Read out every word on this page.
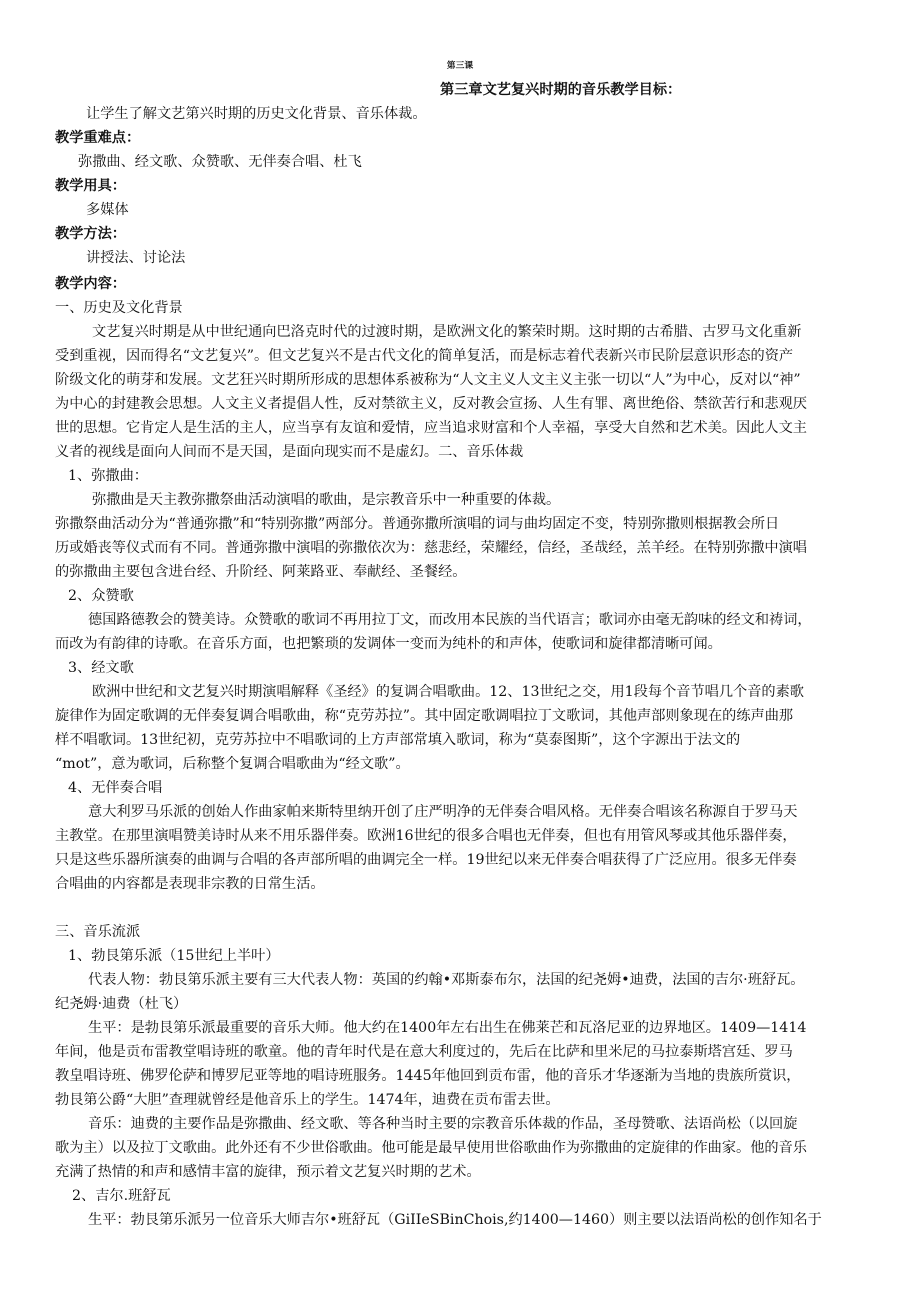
第三课
第三章文艺复兴时期的音乐教学目标：
让学生了解文艺第兴时期的历史文化背景、音乐体裁。
教学重难点：
弥撒曲、经文歌、众赞歌、无伴奏合唱、杜飞
教学用具：
多媒体
教学方法：
讲授法、讨论法
教学内容：
一、历史及文化背景
文艺复兴时期是从中世纪通向巴洛克时代的过渡时期，是欧洲文化的繁荣时期。这时期的古希腊、古罗马文化重新
受到重视，因而得名“文艺复兴”。但文艺复兴不是古代文化的简单复活，而是标志着代表新兴市民阶层意识形态的资产
阶级文化的萌芽和发展。文艺狂兴时期所形成的思想体系被称为“人文主义人文主义主张一切以“人”为中心，反对以“神”
为中心的封建教会思想。人文主义者提倡人性，反对禁欲主义，反对教会宣扬、人生有罪、离世绝俗、禁欲苦行和悲观厌
世的思想。它肯定人是生活的主人，应当享有友谊和爱情，应当追求财富和个人幸福，享受大自然和艺术美。因此人文主
义者的视线是面向人间而不是天国，是面向现实而不是虚幻。二、音乐体裁
1、弥撒曲：
弥撒曲是天主教弥撒祭曲活动演唱的歌曲，是宗教音乐中一种重要的体裁。
弥撒祭曲活动分为“普通弥撒”和“特别弥撒”两部分。普通弥撒所演唱的词与曲均固定不变，特别弥撒则根据教会所日
历或婚丧等仪式而有不同。普通弥撒中演唱的弥撒依次为：慈悲经，荣耀经，信经，圣哉经，羔羊经。在特别弥撒中演唱
的弥撒曲主要包含进台经、升阶经、阿莱路亚、奉献经、圣餐经。
2、众赞歌
德国路德教会的赞美诗。众赞歌的歌词不再用拉丁文，而改用本民族的当代语言；歌词亦由毫无韵味的经文和祷词，
而改为有韵律的诗歌。在音乐方面，也把繁琐的发调体一变而为纯朴的和声体，使歌词和旋律都清晰可闻。
3、经文歌
欧洲中世纪和文艺复兴时期演唱解释《圣经》的复调合唱歌曲。12、13世纪之交，用1段每个音节唱几个音的素歌
旋律作为固定歌调的无伴奏复调合唱歌曲，称“克劳苏拉”。其中固定歌调唱拉丁文歌词，其他声部则象现在的练声曲那
样不唱歌词。13世纪初，克劳苏拉中不唱歌词的上方声部常填入歌词，称为“莫泰图斯”，这个字源出于法文的
“mot”，意为歌词，后称整个复调合唱歌曲为“经文歌”。
4、无伴奏合唱
意大利罗马乐派的创始人作曲家帕来斯特里纳开创了庄严明净的无伴奏合唱风格。无伴奏合唱该名称源自于罗马天
主教堂。在那里演唱赞美诗时从来不用乐器伴奏。欧洲16世纪的很多合唱也无伴奏，但也有用管风琴或其他乐器伴奏，
只是这些乐器所演奏的曲调与合唱的各声部所唱的曲调完全一样。19世纪以来无伴奏合唱获得了广泛应用。很多无伴奏
合唱曲的内容都是表现非宗教的日常生活。
三、音乐流派
1、勃艮第乐派（15世纪上半叶）
代表人物：勃艮第乐派主要有三大代表人物：英国的约翰•邓斯泰布尔，法国的纪尧姆•迪费，法国的吉尔·班舒瓦。
纪尧姆·迪费（杜飞）
生平：是勃艮第乐派最重要的音乐大师。他大约在1400年左右出生在佛莱芒和瓦洛尼亚的边界地区。1409—1414
年间，他是贡布雷教堂唱诗班的歌童。他的青年时代是在意大利度过的，先后在比萨和里米尼的马拉泰斯塔宫廷、罗马
教皇唱诗班、佛罗伦萨和博罗尼亚等地的唱诗班服务。1445年他回到贡布雷，他的音乐才华逐渐为当地的贵族所赏识，
勃艮第公爵“大胆”查理就曾经是他音乐上的学生。1474年，迪费在贡布雷去世。
音乐：迪费的主要作品是弥撒曲、经文歌、等各种当时主要的宗教音乐体裁的作品，圣母赞歌、法语尚松（以回旋
歌为主）以及拉丁文歌曲。此外还有不少世俗歌曲。他可能是最早使用世俗歌曲作为弥撒曲的定旋律的作曲家。他的音乐
充满了热情的和声和感情丰富的旋律，预示着文艺复兴时期的艺术。
2、吉尔.班舒瓦
生平：勃艮第乐派另一位音乐大师吉尔•班舒瓦（GiIIeSBinChois,约1400—1460）则主要以法语尚松的创作知名于
